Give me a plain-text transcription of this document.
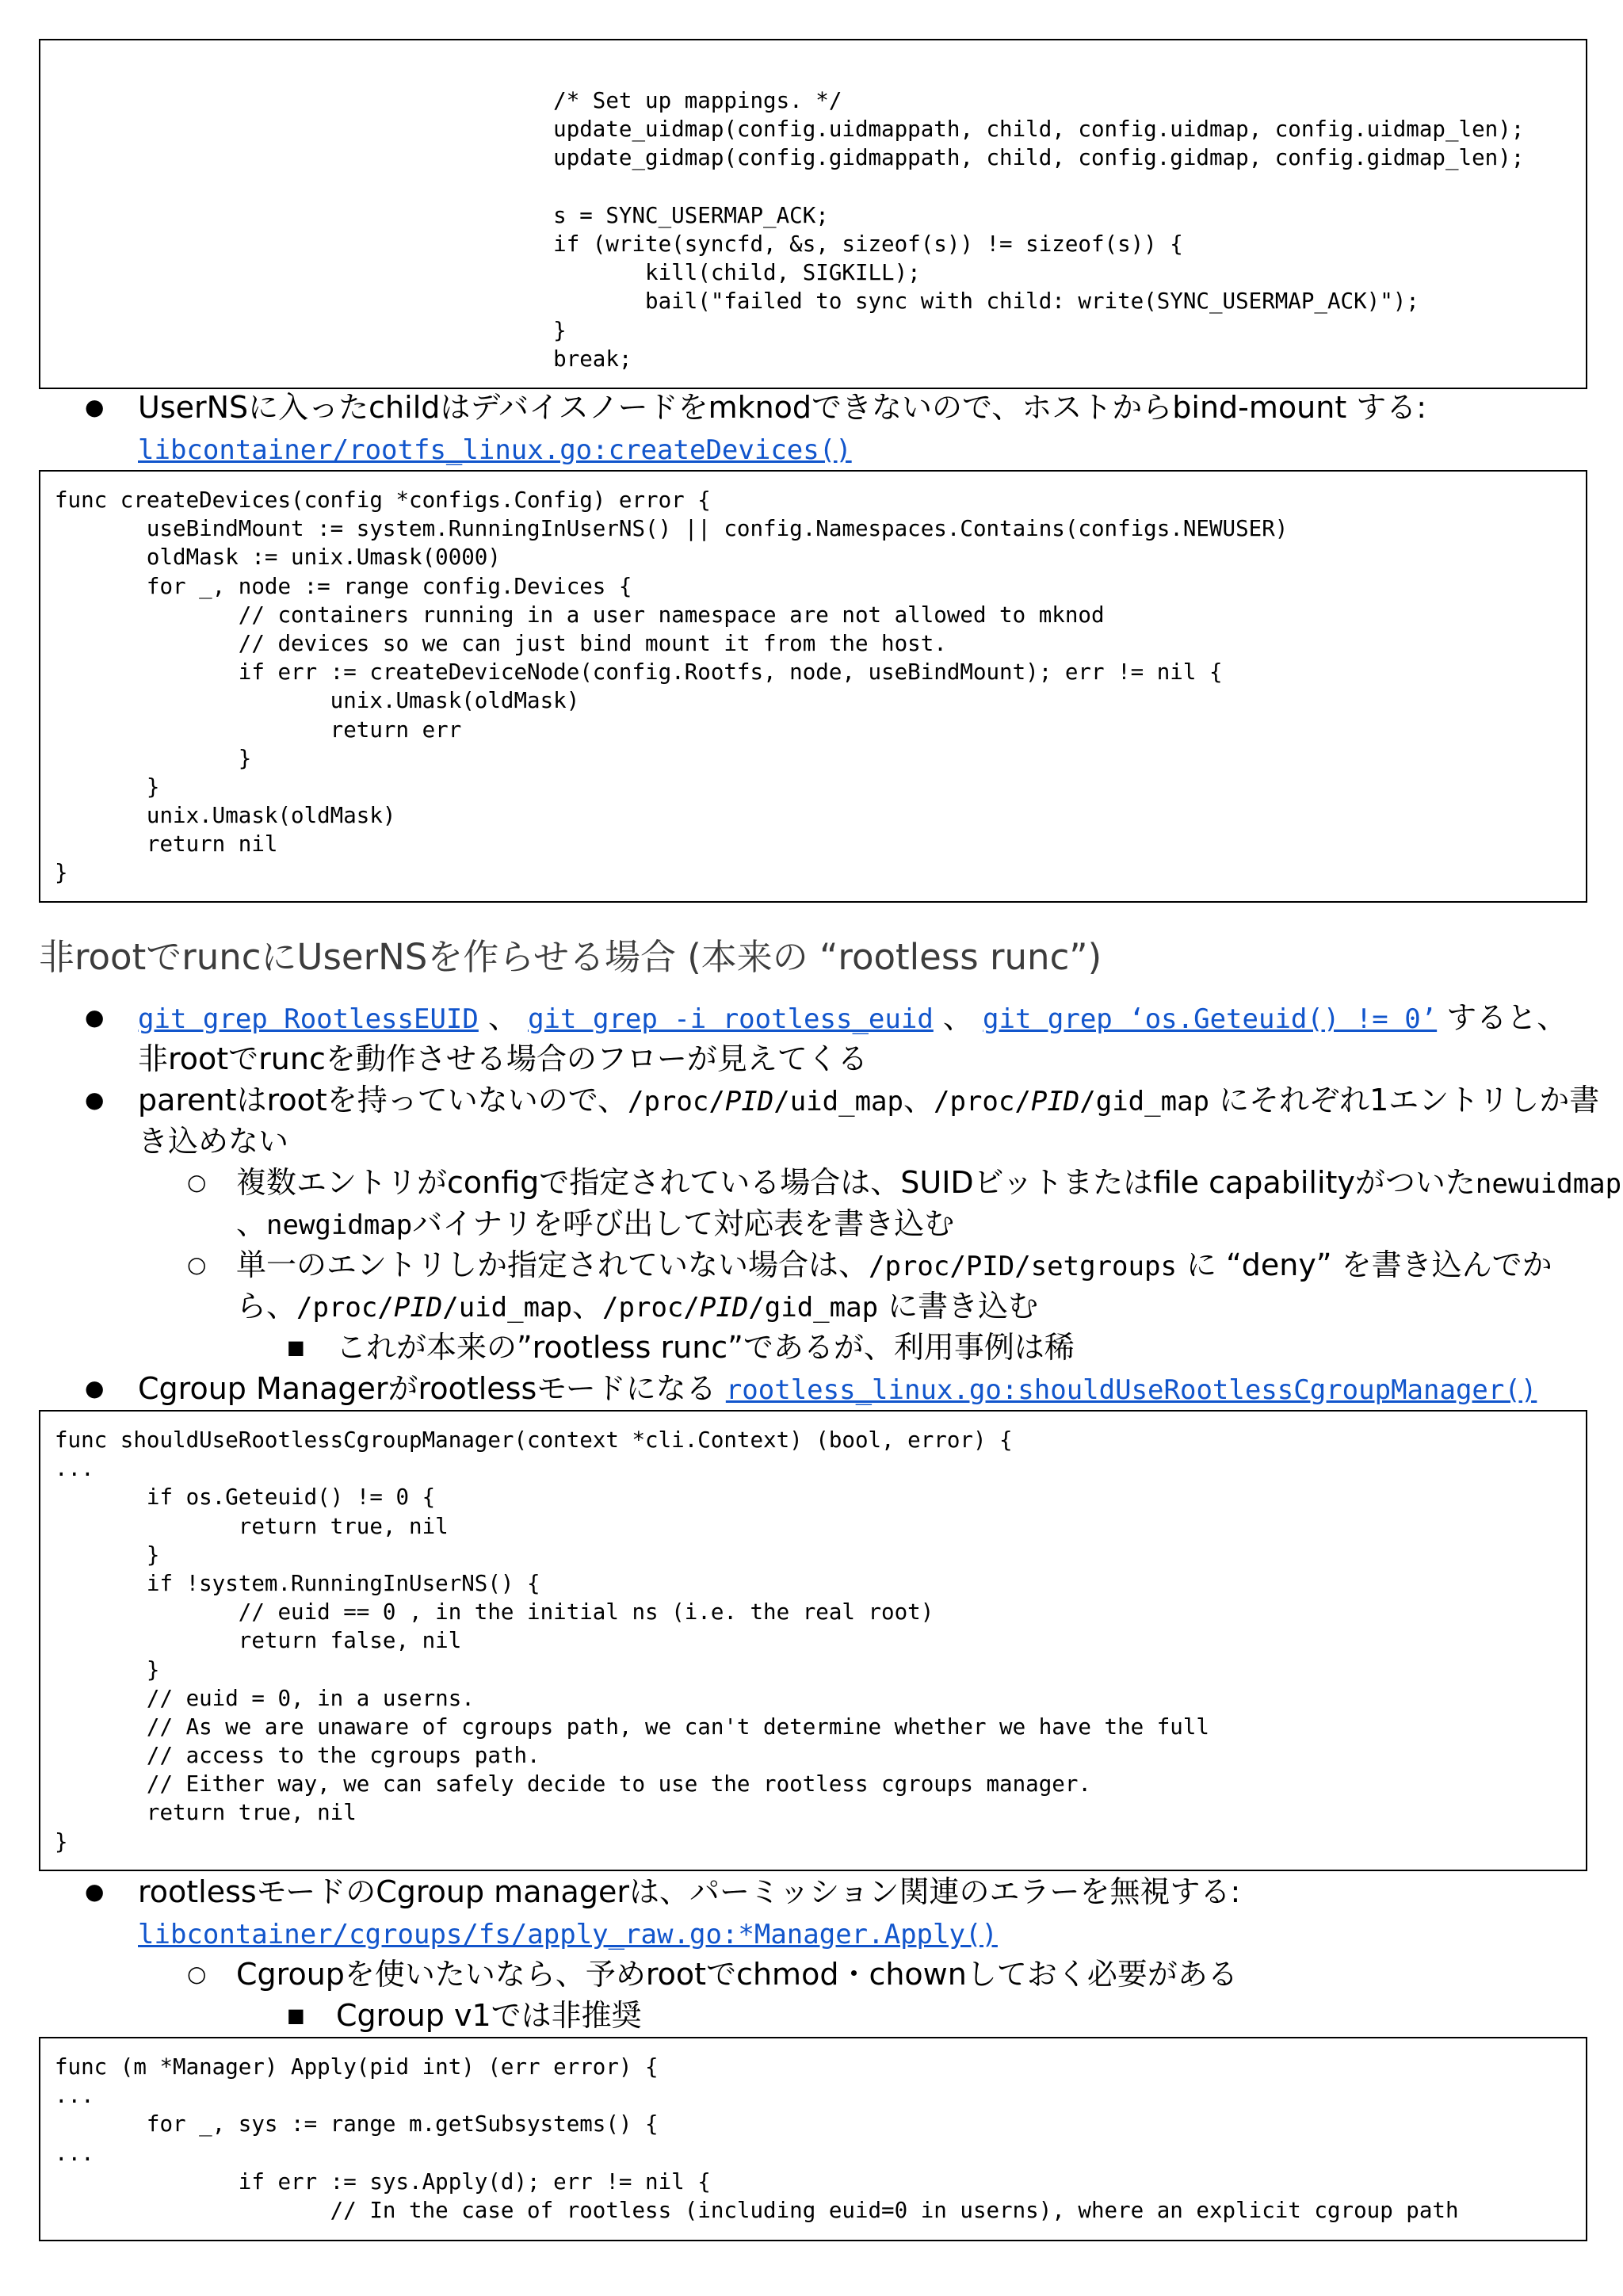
/* Set up mappings. */
update_uidmap(config.uidmappath, child, config.uidmap, config.uidmap_len);
update_gidmap(config.gidmappath, child, config.gidmap, config.gidmap_len);
s = SYNC_USERMAP_ACK;
if (write(syncfd, &s, sizeof(s)) != sizeof(s)) {
kill(child, SIGKILL);
bail("failed to sync with child: write(SYNC_USERMAP_ACK)");
}
break;
● UserNSに入ったchildはデバイスノードをmknodできないので、ホストからbind-mount する:
libcontainer/rootfs_linux.go:createDevices()
func createDevices(config *configs.Config) error {
useBindMount := system.RunningInUserNS() || config.Namespaces.Contains(configs.NEWUSER)
oldMask := unix.Umask(0000)
for _, node := range config.Devices {
// containers running in a user namespace are not allowed to mknod
// devices so we can just bind mount it from the host.
if err := createDeviceNode(config.Rootfs, node, useBindMount); err != nil {
unix.Umask(oldMask)
return err
}
}
unix.Umask(oldMask)
return nil
}
非rootでruncにUserNSを作らせる場合 (本来の “rootless runc”)
● git grep RootlessEUID 、 git grep -i rootless_euid 、 git grep ‘os.Geteuid() != 0’ すると、
非rootでruncを動作させる場合のフローが見えてくる
● parentはrootを持っていないので、/proc/PID/uid_map、/proc/PID/gid_map にそれぞれ1エントリしか書
き込めない
○ 複数エントリがconfigで指定されている場合は、SUIDビットまたはfile capabilityがついたnewuidmap
、newgidmapバイナリを呼び出して対応表を書き込む
○ 単一のエントリしか指定されていない場合は、/proc/PID/setgroups に “deny” を書き込んでか
ら、/proc/PID/uid_map、/proc/PID/gid_map に書き込む
■ これが本来の”rootless runc”であるが、利用事例は稀
● Cgroup Managerがrootlessモードになる rootless_linux.go:shouldUseRootlessCgroupManager()
func shouldUseRootlessCgroupManager(context *cli.Context) (bool, error) {
...
if os.Geteuid() != 0 {
return true, nil
}
if !system.RunningInUserNS() {
// euid == 0 , in the initial ns (i.e. the real root)
return false, nil
}
// euid = 0, in a userns.
// As we are unaware of cgroups path, we can't determine whether we have the full
// access to the cgroups path.
// Either way, we can safely decide to use the rootless cgroups manager.
return true, nil
}
● rootlessモードのCgroup managerは、パーミッション関連のエラーを無視する:
libcontainer/cgroups/fs/apply_raw.go:*Manager.Apply()
○ Cgroupを使いたいなら、予めrootでchmod・chownしておく必要がある
■ Cgroup v1では非推奨
func (m *Manager) Apply(pid int) (err error) {
...
for _, sys := range m.getSubsystems() {
...
if err := sys.Apply(d); err != nil {
// In the case of rootless (including euid=0 in userns), where an explicit cgroup path
